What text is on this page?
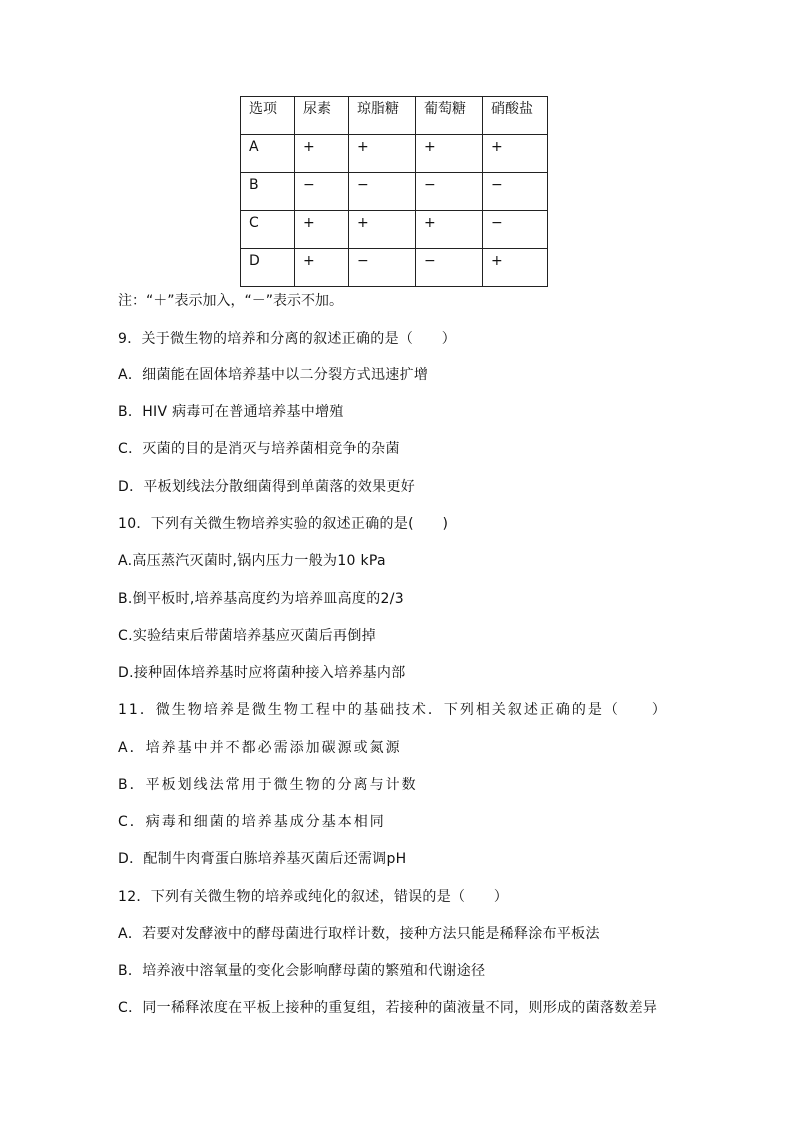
选项	尿素	琼脂糖	葡萄糖	硝酸盐
A	+	+	+	+
B	−	−	−	−
C	+	+	+	−
D	+	−	−	+
注：“＋”表示加入，“－”表示不加。
9．关于微生物的培养和分离的叙述正确的是（　　）
A．细菌能在固体培养基中以二分裂方式迅速扩增
B．HIV 病毒可在普通培养基中增殖
C．灭菌的目的是消灭与培养菌相竞争的杂菌
D．平板划线法分散细菌得到单菌落的效果更好
10．下列有关微生物培养实验的叙述正确的是(　　)
A.高压蒸汽灭菌时,锅内压力一般为10 kPa
B.倒平板时,培养基高度约为培养皿高度的2/3
C.实验结束后带菌培养基应灭菌后再倒掉
D.接种固体培养基时应将菌种接入培养基内部
11．微生物培养是微生物工程中的基础技术．下列相关叙述正确的是（　　）
A．培养基中并不都必需添加碳源或氮源
B．平板划线法常用于微生物的分离与计数
C．病毒和细菌的培养基成分基本相同
D．配制牛肉膏蛋白胨培养基灭菌后还需调pH
12．下列有关微生物的培养或纯化的叙述，错误的是（　　）
A．若要对发酵液中的酵母菌进行取样计数，接种方法只能是稀释涂布平板法
B．培养液中溶氧量的变化会影响酵母菌的繁殖和代谢途径
C．同一稀释浓度在平板上接种的重复组，若接种的菌液量不同，则形成的菌落数差异
